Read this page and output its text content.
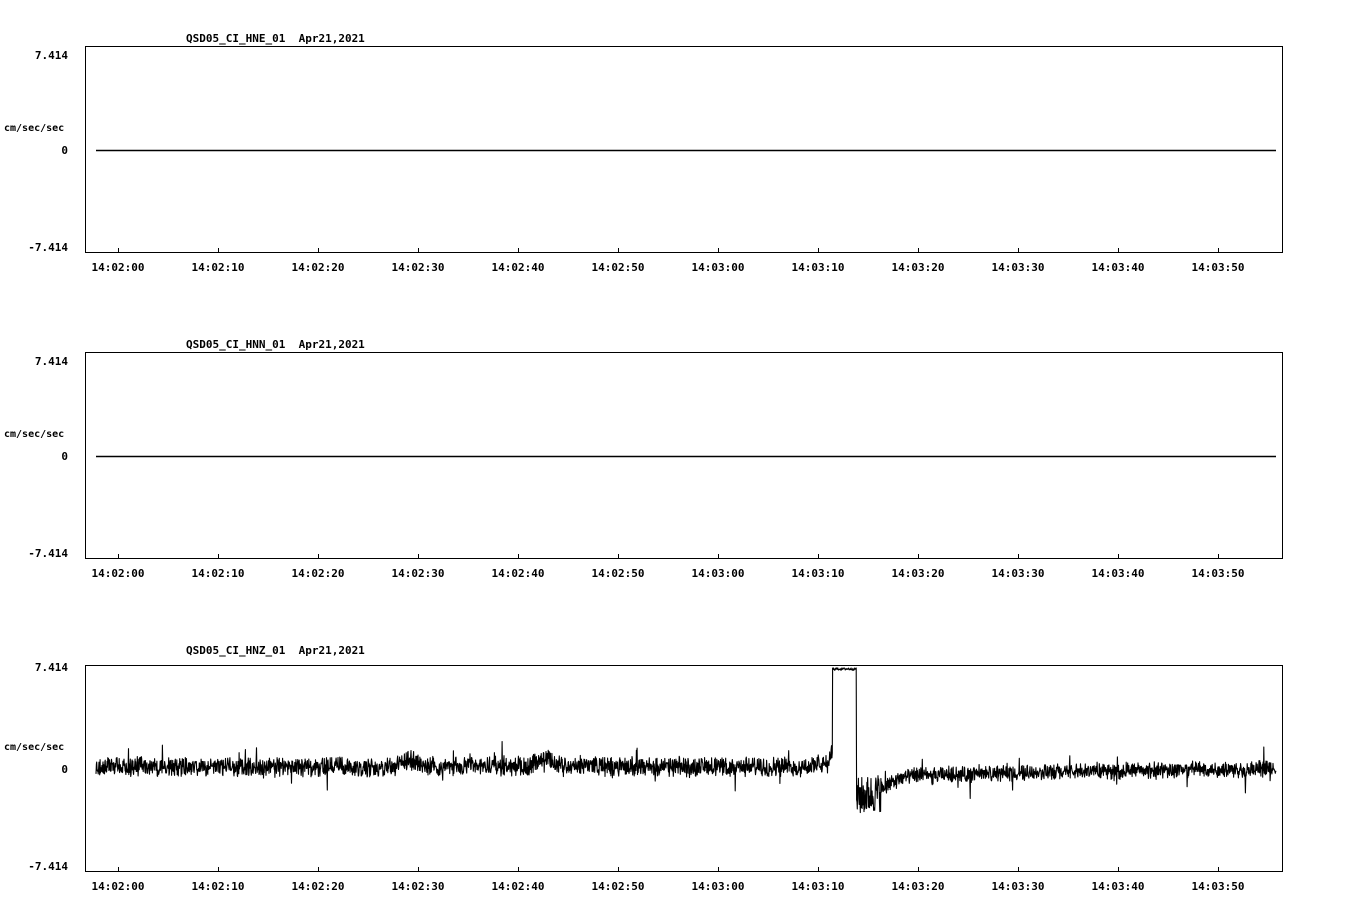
QSD05_CI_HNE_01  Apr21,2021
7.414
cm/sec/sec
0
-7.414
14:02:00	14:02:10	14:02:20	14:02:30	14:02:40	14:02:50	14:03:00	14:03:10	14:03:20	14:03:30	14:03:40	14:03:50
QSD05_CI_HNN_01  Apr21,2021
7.414
cm/sec/sec
0
-7.414
14:02:00	14:02:10	14:02:20	14:02:30	14:02:40	14:02:50	14:03:00	14:03:10	14:03:20	14:03:30	14:03:40	14:03:50
QSD05_CI_HNZ_01  Apr21,2021
7.414
cm/sec/sec
0
-7.414
14:02:00	14:02:10	14:02:20	14:02:30	14:02:40	14:02:50	14:03:00	14:03:10	14:03:20	14:03:30	14:03:40	14:03:50
